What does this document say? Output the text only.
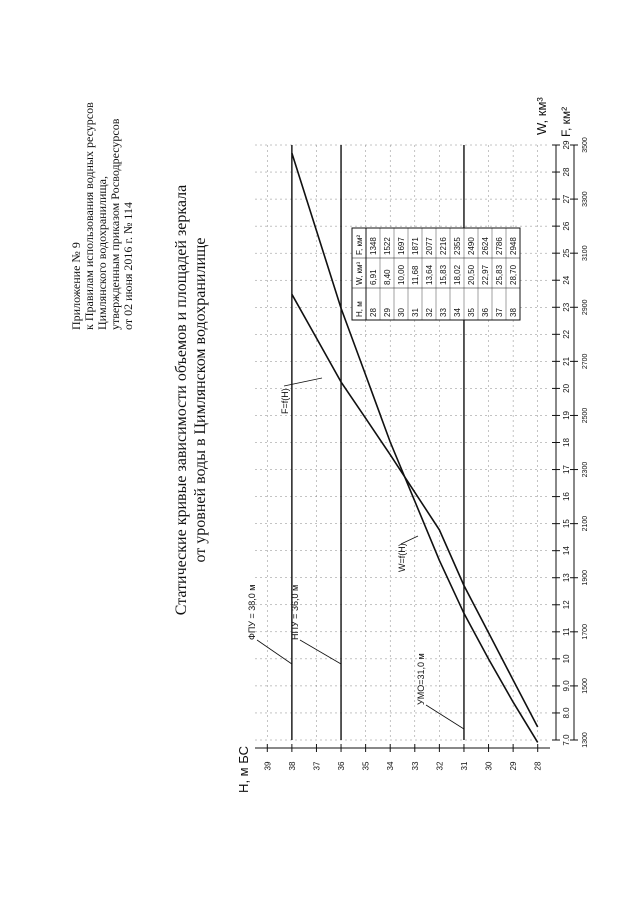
Приложение № 9 к Правилам использования водных ресурсов Цимлянского водохранилища, утвержденным приказом Росводресурсов от 02 июня 2016 г. № 114 Статические кривые зависимости объемов и площадей зеркала от уровней воды в Цимлянском водохранилище	Н, м
W, км³
F, км²
28
6,91
1348
29
8,40
1522
30
10,00
1697
31
11,68
1871
32
13,64
2077
33
15,83
2216
34
18,02
2355
35
20,50
2490
36
22,97
2624
37
25,83
2786
38
28,70
2948
28
29
30
31
32
33
34
35
36
37
38
39
7.0
8.0
9.0
10
11
12
13
14
15
16
17
18
19
20
21
22
23
24
25
26
27
28
29
1300
1500
1700
1900
2100
2300
2500
2700
2900
3100
3300
3500
Н, м БС
W, км³ F, км²
W=f(H)
F=f(H)
ФПУ = 38,0 м	НПУ = 36,0 м
УМО=31,0 м
